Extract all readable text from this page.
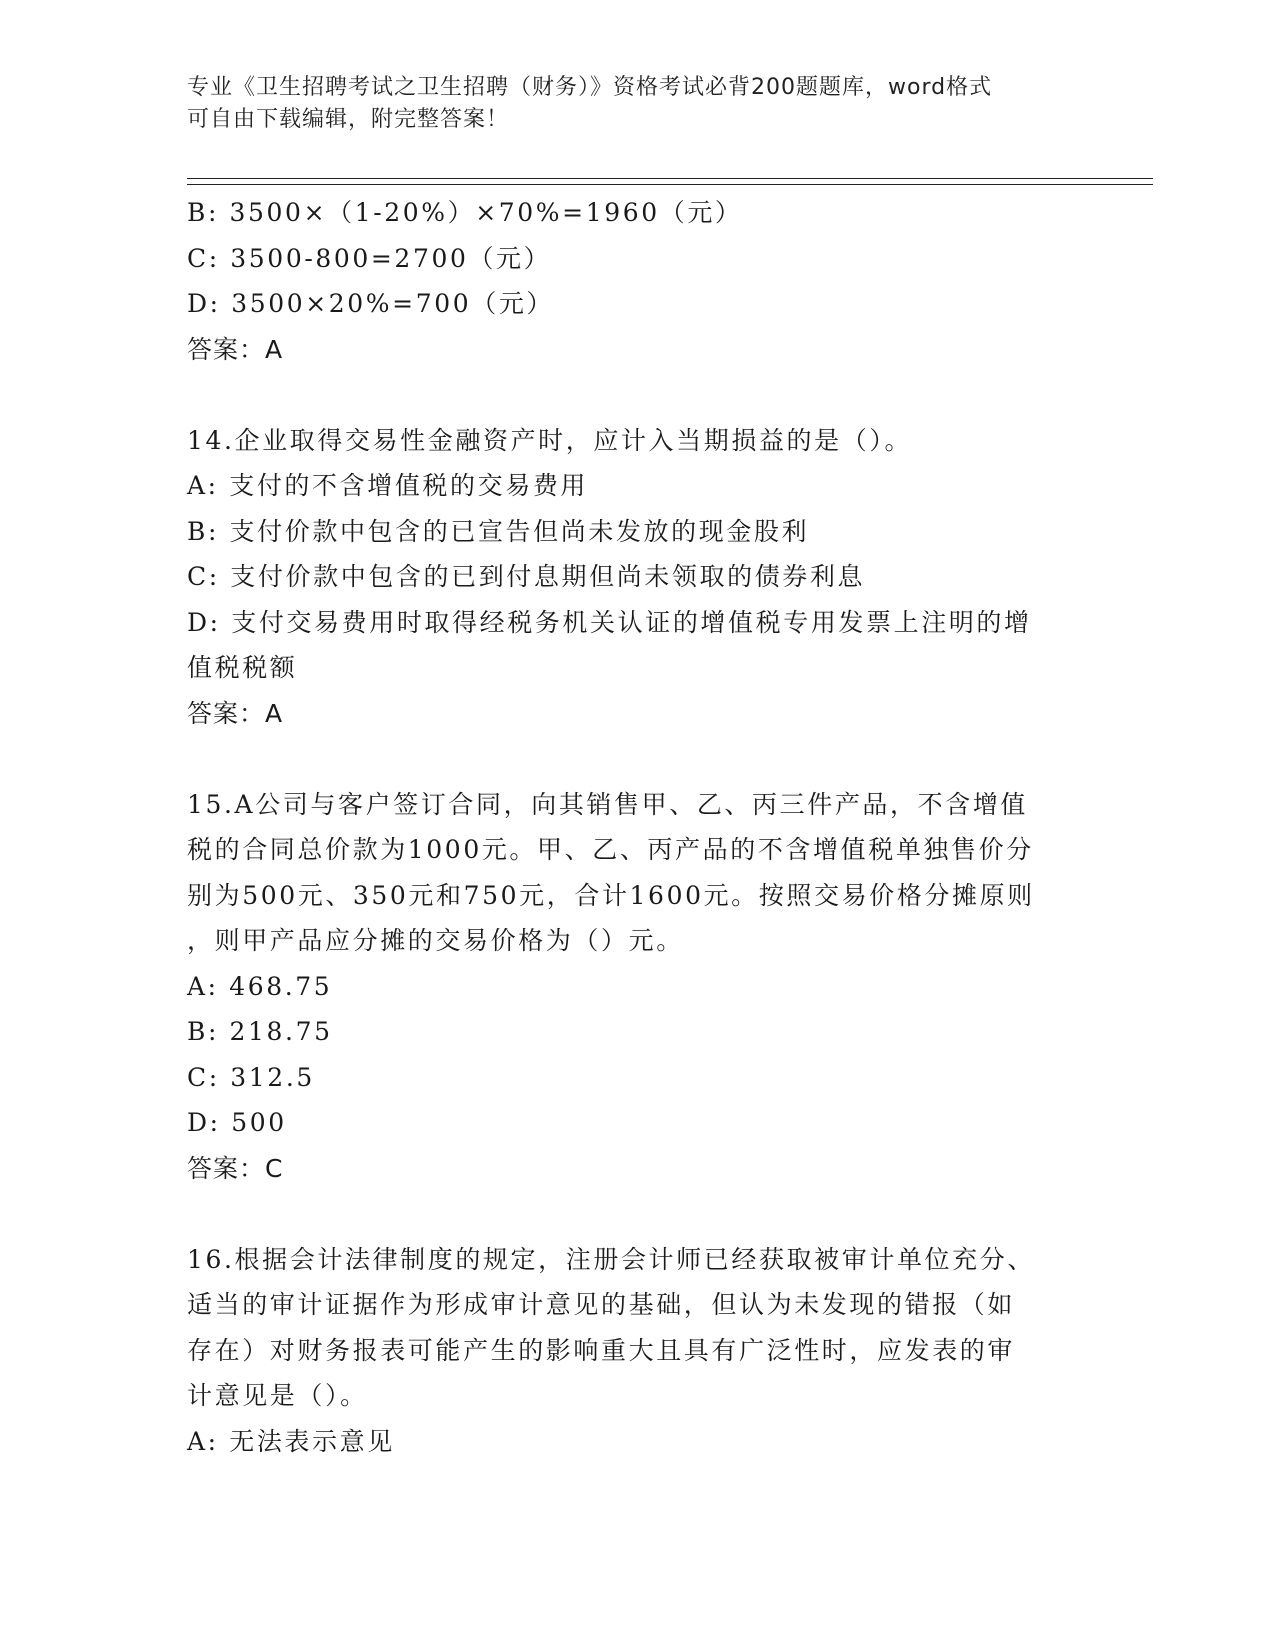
专业《卫生招聘考试之卫生招聘（财务）》资格考试必背200题题库，word格式
可自由下载编辑，附完整答案！
B: 3500×（1-20%）×70%=1960（元）
C: 3500-800=2700（元）
D: 3500×20%=700（元）
答案：A
14.企业取得交易性金融资产时，应计入当期损益的是（）。
A: 支付的不含增值税的交易费用
B: 支付价款中包含的已宣告但尚未发放的现金股利
C: 支付价款中包含的已到付息期但尚未领取的债券利息
D: 支付交易费用时取得经税务机关认证的增值税专用发票上注明的增
值税税额
答案：A
15.A公司与客户签订合同，向其销售甲、乙、丙三件产品，不含增值
税的合同总价款为1000元。甲、乙、丙产品的不含增值税单独售价分
别为500元、350元和750元，合计1600元。按照交易价格分摊原则
，则甲产品应分摊的交易价格为（）元。
A: 468.75
B: 218.75
C: 312.5
D: 500
答案：C
16.根据会计法律制度的规定，注册会计师已经获取被审计单位充分、
适当的审计证据作为形成审计意见的基础，但认为未发现的错报（如
存在）对财务报表可能产生的影响重大且具有广泛性时，应发表的审
计意见是（）。
A: 无法表示意见
